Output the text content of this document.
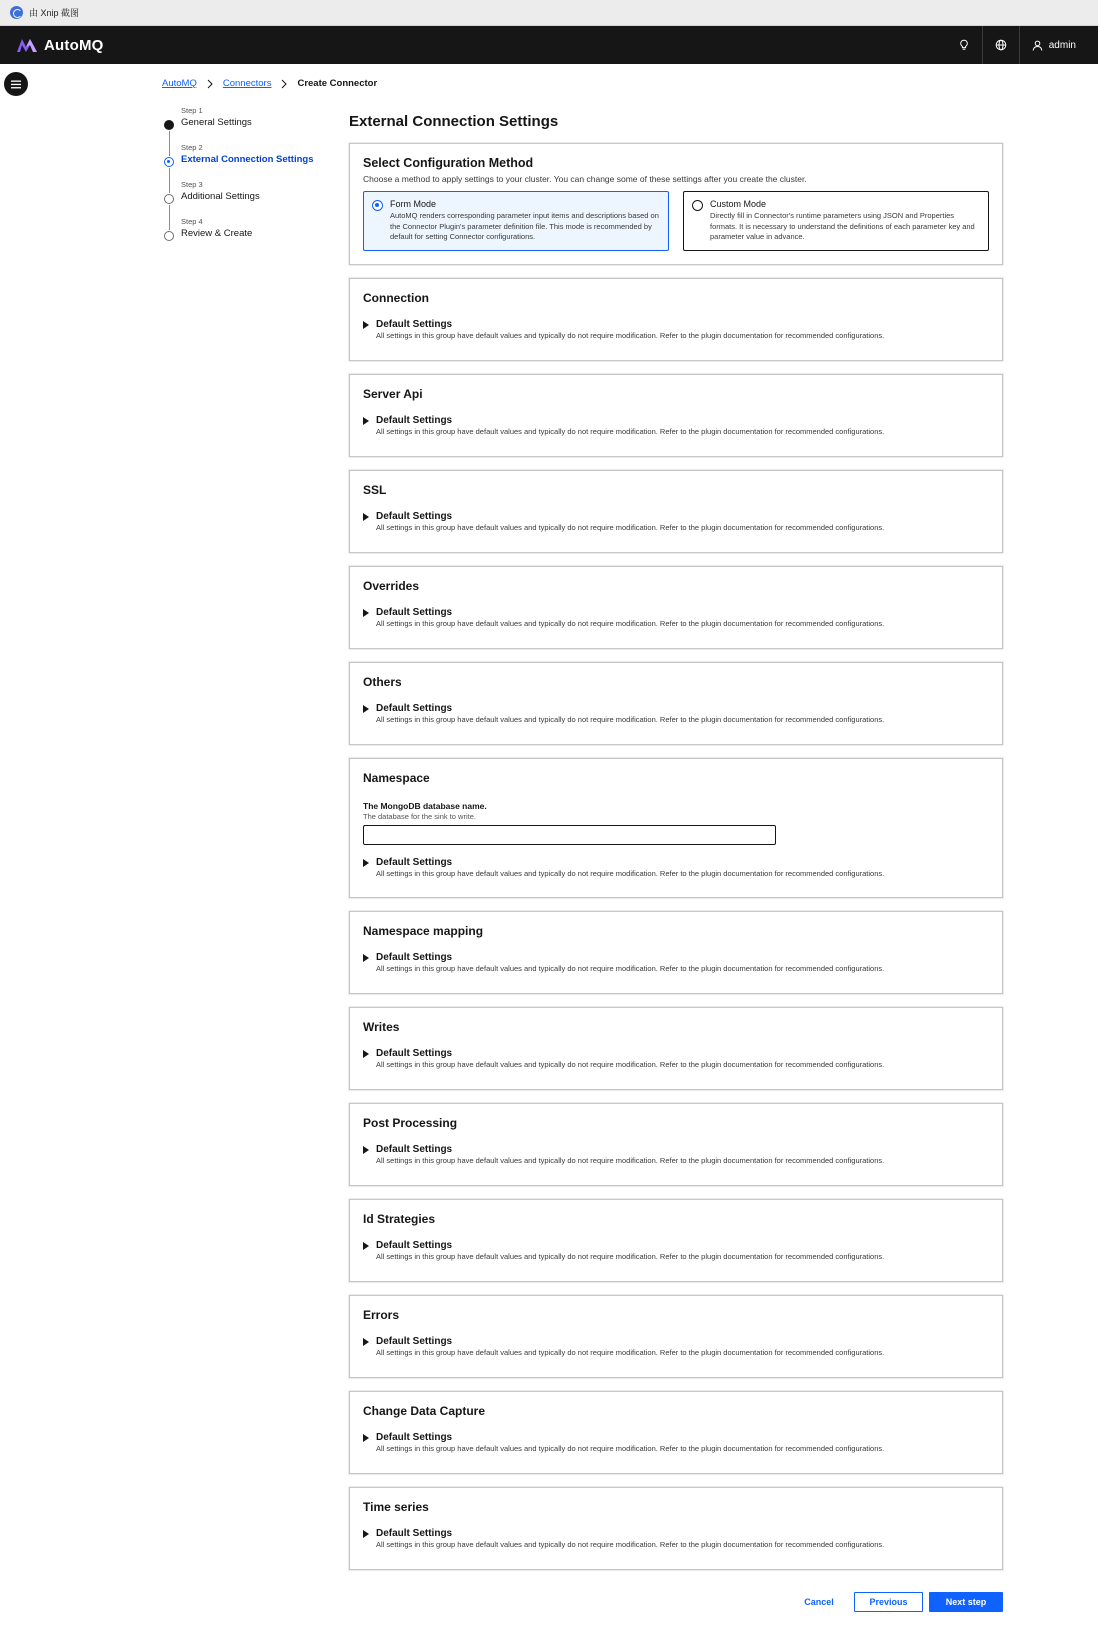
由 Xnip 截图
AutoMQ	admin
AutoMQ	Connectors	Create Connector
Step 1
General Settings
Step 2
External Connection Settings
Step 3
Additional Settings
Step 4
Review & Create
External Connection Settings
Select Configuration Method

Choose a method to apply settings to your cluster. You can change some of these settings after you create the cluster.

Form Mode
AutoMQ renders corresponding parameter input items and descriptions based on the Connector Plugin's parameter definition file. This mode is recommended by default for setting Connector configurations.
Custom Mode
Directly fill in Connector's runtime parameters using JSON and Properties formats. It is necessary to understand the definitions of each parameter key and parameter value in advance.
Connection
Default Settings
All settings in this group have default values and typically do not require modification. Refer to the plugin documentation for recommended configurations.
Server Api
Default Settings
All settings in this group have default values and typically do not require modification. Refer to the plugin documentation for recommended configurations.
SSL
Default Settings
All settings in this group have default values and typically do not require modification. Refer to the plugin documentation for recommended configurations.
Overrides
Default Settings
All settings in this group have default values and typically do not require modification. Refer to the plugin documentation for recommended configurations.
Others
Default Settings
All settings in this group have default values and typically do not require modification. Refer to the plugin documentation for recommended configurations.
Namespace
The MongoDB database name.
The database for the sink to write.
Default Settings
All settings in this group have default values and typically do not require modification. Refer to the plugin documentation for recommended configurations.
Namespace mapping
Default Settings
All settings in this group have default values and typically do not require modification. Refer to the plugin documentation for recommended configurations.
Writes
Default Settings
All settings in this group have default values and typically do not require modification. Refer to the plugin documentation for recommended configurations.
Post Processing
Default Settings
All settings in this group have default values and typically do not require modification. Refer to the plugin documentation for recommended configurations.
Id Strategies
Default Settings
All settings in this group have default values and typically do not require modification. Refer to the plugin documentation for recommended configurations.
Errors
Default Settings
All settings in this group have default values and typically do not require modification. Refer to the plugin documentation for recommended configurations.
Change Data Capture
Default Settings
All settings in this group have default values and typically do not require modification. Refer to the plugin documentation for recommended configurations.
Time series
Default Settings
All settings in this group have default values and typically do not require modification. Refer to the plugin documentation for recommended configurations.
Cancel	Previous	Next step
